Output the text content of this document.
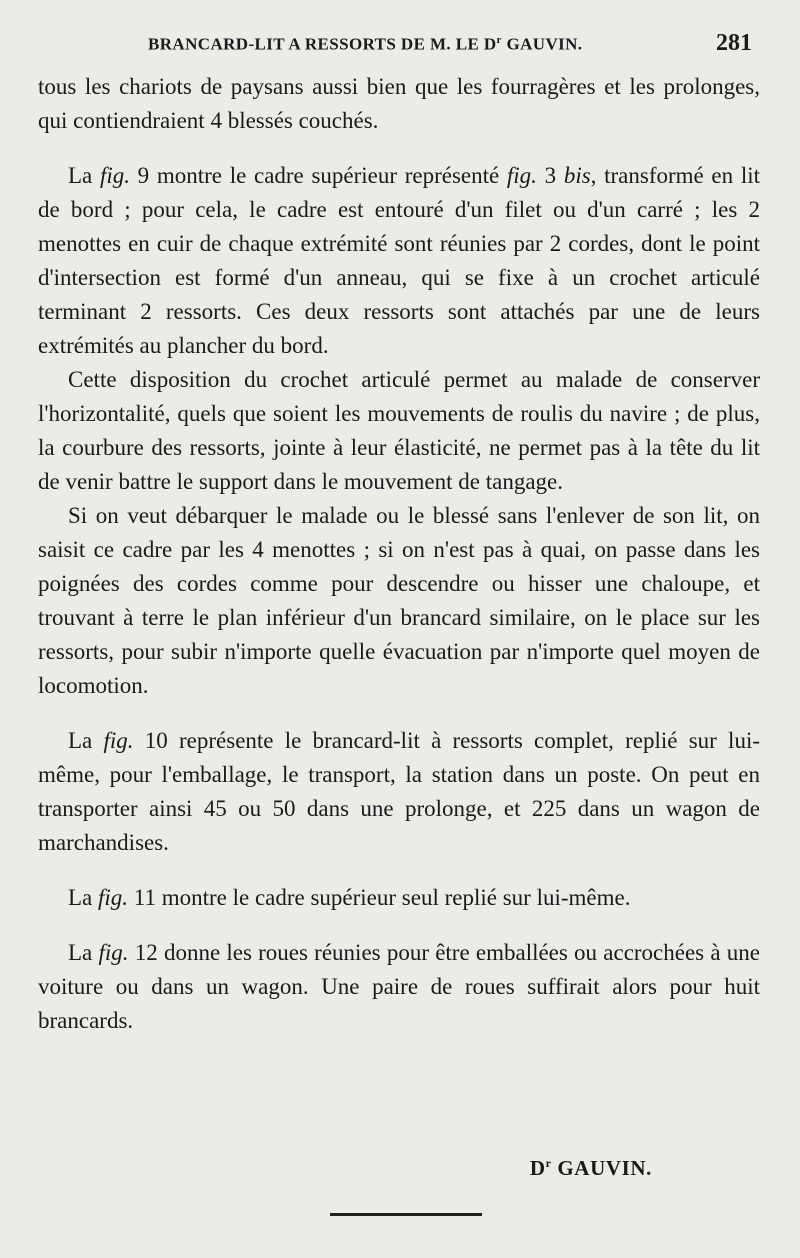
BRANCARD-LIT A RESSORTS DE M. LE $D^r$ GAUVIN.	281

tous les chariots de paysans aussi bien que les fourragères et les prolonges, qui contiendraient 4 blessés couchés.

La fig. 9 montre le cadre supérieur représenté fig. 3 bis, transformé en lit de bord ; pour cela, le cadre est entouré d'un filet ou d'un carré ; les 2 menottes en cuir de chaque extrémité sont réunies par 2 cordes, dont le point d'intersection est formé d'un anneau, qui se fixe à un crochet articulé terminant 2 ressorts. Ces deux ressorts sont attachés par une de leurs extrémités au plancher du bord.

Cette disposition du crochet articulé permet au malade de conserver l'horizontalité, quels que soient les mouvements de roulis du navire ; de plus, la courbure des ressorts, jointe à leur élasticité, ne permet pas à la tête du lit de venir battre le support dans le mouvement de tangage.

Si on veut débarquer le malade ou le blessé sans l'enlever de son lit, on saisit ce cadre par les 4 menottes ; si on n'est pas à quai, on passe dans les poignées des cordes comme pour descendre ou hisser une chaloupe, et trouvant à terre le plan inférieur d'un brancard similaire, on le place sur les ressorts, pour subir n'importe quelle évacuation par n'importe quel moyen de locomotion.

La fig. 10 représente le brancard-lit à ressorts complet, replié sur lui-même, pour l'emballage, le transport, la station dans un poste. On peut en transporter ainsi 45 ou 50 dans une prolonge, et 225 dans un wagon de marchandises.

La fig. 11 montre le cadre supérieur seul replié sur lui-même.

La fig. 12 donne les roues réunies pour être emballées ou accrochées à une voiture ou dans un wagon. Une paire de roues suffirait alors pour huit brancards.

$D^r$ GAUVIN.
